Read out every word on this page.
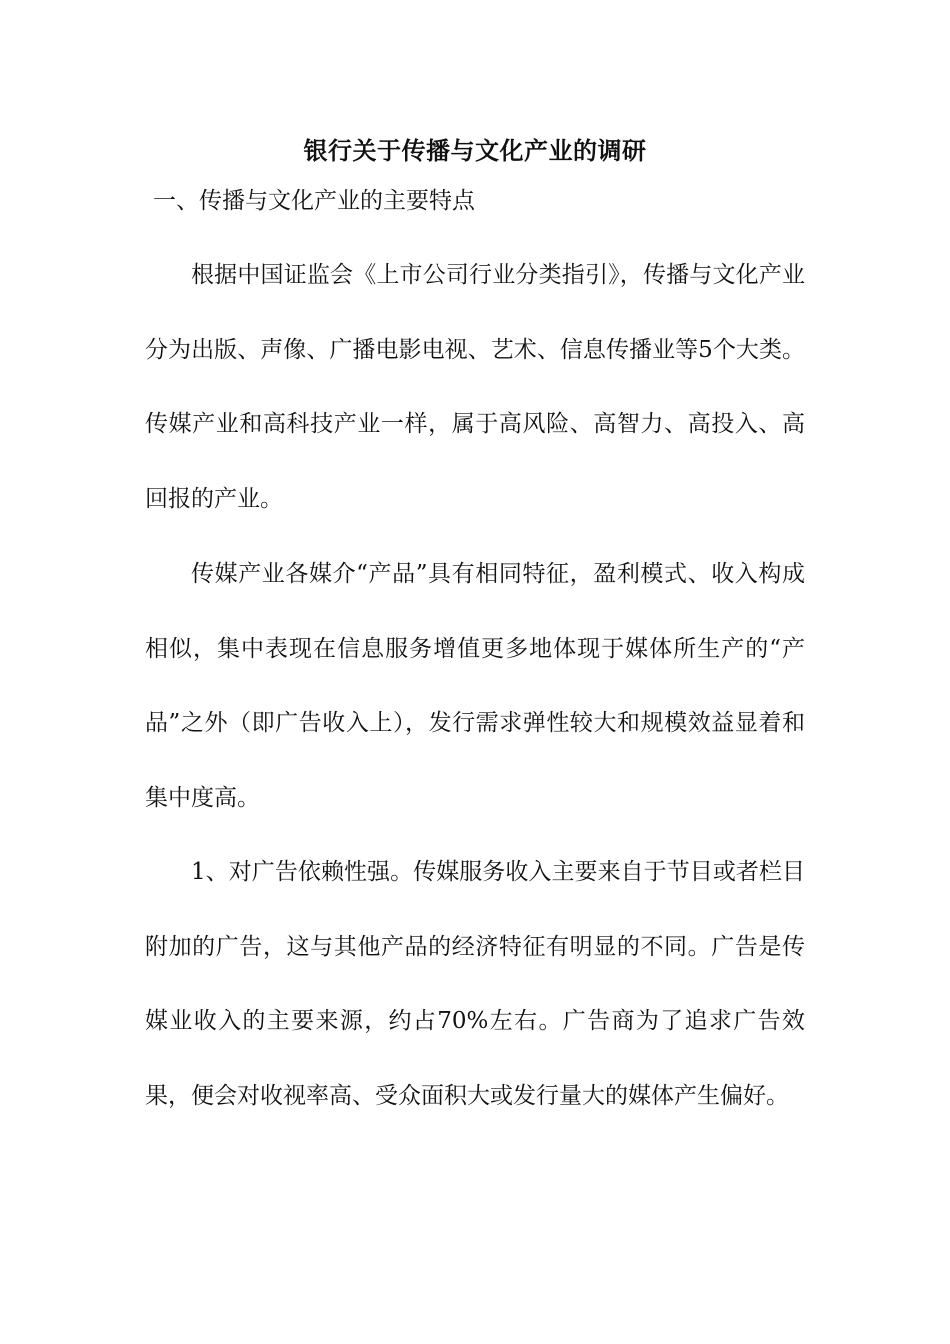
银行关于传播与文化产业的调研
一、传播与文化产业的主要特点

根据中国证监会《上市公司行业分类指引》，传播与文化产业分为出版、声像、广播电影电视、艺术、信息传播业等5个大类。传媒产业和高科技产业一样，属于高风险、高智力、高投入、高回报的产业。

传媒产业各媒介“产品”具有相同特征，盈利模式、收入构成相似，集中表现在信息服务增值更多地体现于媒体所生产的“产品”之外（即广告收入上），发行需求弹性较大和规模效益显着和集中度高。

1、对广告依赖性强。传媒服务收入主要来自于节目或者栏目附加的广告，这与其他产品的经济特征有明显的不同。广告是传媒业收入的主要来源，约占70%左右。广告商为了追求广告效果，便会对收视率高、受众面积大或发行量大的媒体产生偏好。
